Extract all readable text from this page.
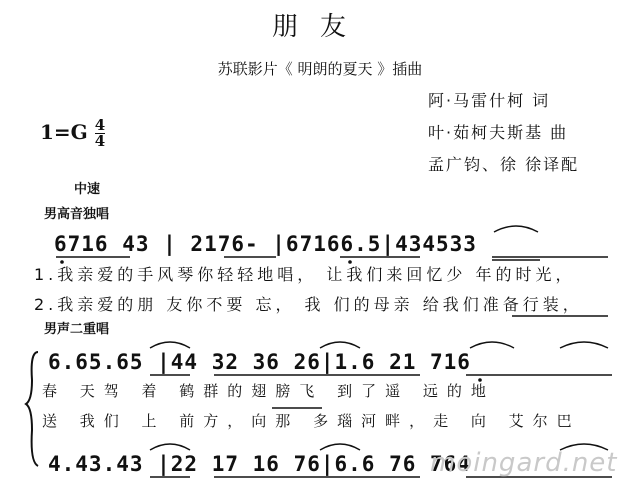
朋友
苏联影片《 明朗的夏天 》插曲
阿·马雷什柯 词
叶·茹柯夫斯基 曲
孟广钧、徐 徐译配
$1=G \frac{4}{4}$
中速
男高音独唱
男声二重唱
6716 43 | 2176- |67166.5|434533
1.我亲爱的手风琴你轻轻地唱， 让我们来回忆少 年的时光，
2.我亲爱的朋 友你不要 忘， 我 们的母亲 给我们准备行装，
6.65.65 |44 32 36 26|1.6 21 716
春 天驾 着 鹤群的翅膀飞 到了遥 远的地
送 我们 上 前方，向那 多瑙河畔，走 向 艾尔巴
4.43.43 |22 17 16 76|6.6 76 764
moingard.net
